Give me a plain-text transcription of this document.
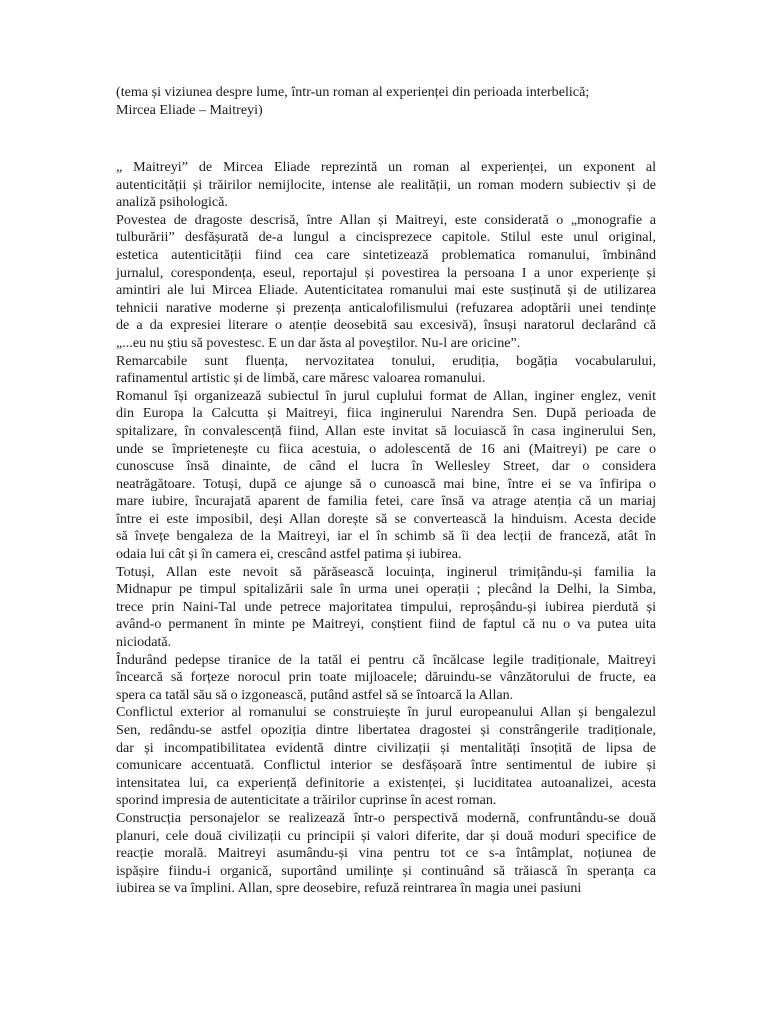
(tema și viziunea despre lume, într-un roman al experienței din perioada interbelică;
Mircea Eliade – Maitreyi)
„ Maitreyi” de Mircea Eliade reprezintă un roman al experienței, un exponent al
autenticității și trăirilor nemijlocite, intense ale realității, un roman modern subiectiv și de
analiză psihologică.
Povestea de dragoste descrisă, între Allan și Maitreyi, este considerată o „monografie a
tulburării” desfășurată de-a lungul a cincisprezece capitole. Stilul este unul original,
estetica autenticității fiind cea care sintetizează problematica romanului, îmbinând
jurnalul, corespondența, eseul, reportajul și povestirea la persoana I a unor experiențe și
amintiri ale lui Mircea Eliade. Autenticitatea romanului mai este susținută și de utilizarea
tehnicii narative moderne și prezența anticalofilismului (refuzarea adoptării unei tendințe
de a da expresiei literare o atenție deosebită sau excesivă), însuși naratorul declarând că
„...eu nu știu să povestesc. E un dar ăsta al poveștilor. Nu-l are oricine”.
Remarcabile sunt fluența, nervozitatea tonului, erudiția, bogăția vocabularului,
rafinamentul artistic și de limbă, care măresc valoarea romanului.
Romanul își organizează subiectul în jurul cuplului format de Allan, inginer englez, venit
din Europa la Calcutta și Maitreyi, fiica inginerului Narendra Sen. După perioada de
spitalizare, în convalescență fiind, Allan este invitat să locuiască în casa inginerului Sen,
unde se împrietenește cu fiica acestuia, o adolescentă de 16 ani (Maitreyi) pe care o
cunoscuse însă dinainte, de când el lucra în Wellesley Street, dar o considera
neatrăgătoare. Totuși, după ce ajunge să o cunoască mai bine, între ei se va înfiripa o
mare iubire, încurajată aparent de familia fetei, care însă va atrage atenția că un mariaj
între ei este imposibil, deși Allan dorește să se convertească la hinduism. Acesta decide
să învețe bengaleza de la Maitreyi, iar el în schimb să îi dea lecții de franceză, atât în
odaia lui cât și în camera ei, crescând astfel patima și iubirea.
Totuși, Allan este nevoit să părăsească locuința, inginerul trimițându-și familia la
Midnapur pe timpul spitalizării sale în urma unei operații ; plecând la Delhi, la Simba,
trece prin Naini-Tal unde petrece majoritatea timpului, reproșându-și iubirea pierdută și
având-o permanent în minte pe Maitreyi, conștient fiind de faptul că nu o va putea uita
niciodată.
Îndurând pedepse tiranice de la tatăl ei pentru că încălcase legile tradiționale, Maitreyi
încearcă să forțeze norocul prin toate mijloacele; dăruindu-se vânzătorului de fructe, ea
spera ca tatăl său să o izgonească, putând astfel să se întoarcă la Allan.
Conflictul exterior al romanului se construiește în jurul europeanului Allan și bengalezul
Sen, redându-se astfel opoziția dintre libertatea dragostei și constrângerile tradiționale,
dar și incompatibilitatea evidentă dintre civilizații și mentalități însoțită de lipsa de
comunicare accentuată. Conflictul interior se desfășoară între sentimentul de iubire și
intensitatea lui, ca experiență definitorie a existenței, și luciditatea autoanalizei, acesta
sporind impresia de autenticitate a trăirilor cuprinse în acest roman.
Construcția personajelor se realizează într-o perspectivă modernă, confruntându-se două
planuri, cele două civilizații cu principii și valori diferite, dar și două moduri specifice de
reacție morală. Maitreyi asumându-și vina pentru tot ce s-a întâmplat, noțiunea de
ispășire fiindu-i organică, suportând umilințe și continuând să trăiască în speranța ca
iubirea se va împlini. Allan, spre deosebire, refuză reintrarea în magia unei pasiuni
